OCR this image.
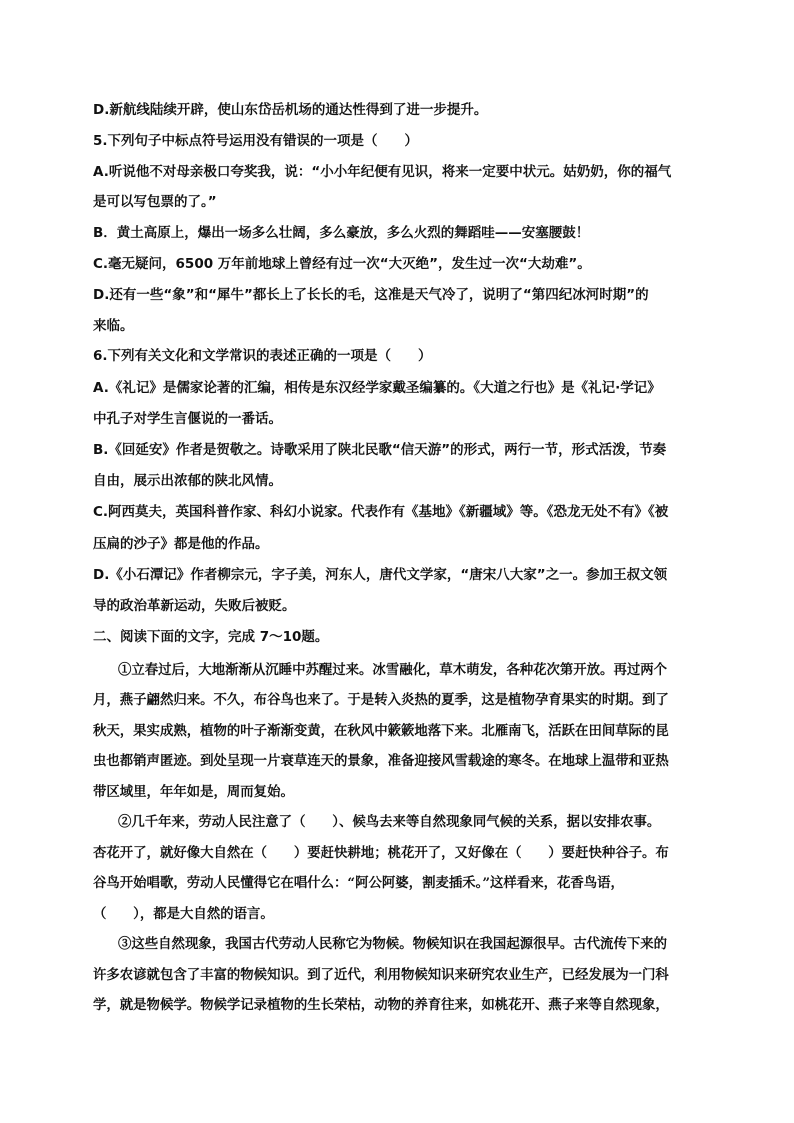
D.新航线陆续开辟，使山东岱岳机场的通达性得到了进一步提升。
5.下列句子中标点符号运用没有错误的一项是（　　）
A.听说他不对母亲极口夸奖我，说：“小小年纪便有见识，将来一定要中状元。姑奶奶，你的福气
是可以写包票的了。”
B．黄土高原上，爆出一场多么壮阔，多么豪放，多么火烈的舞蹈哇——安塞腰鼓！
C.毫无疑问，6500 万年前地球上曾经有过一次“大灭绝”，发生过一次“大劫难”。
D.还有一些“象”和“犀牛”都长上了长长的毛，这准是天气冷了，说明了“第四纪冰河时期”的
来临。
6.下列有关文化和文学常识的表述正确的一项是（　　）
A.《礼记》是儒家论著的汇编，相传是东汉经学家戴圣编纂的。《大道之行也》是《礼记·学记》
中孔子对学生言偃说的一番话。
B.《回延安》作者是贺敬之。诗歌采用了陕北民歌“信天游”的形式，两行一节，形式活泼，节奏
自由，展示出浓郁的陕北风情。
C.阿西莫夫，英国科普作家、科幻小说家。代表作有《基地》《新疆域》等。《恐龙无处不有》《被
压扁的沙子》都是他的作品。
D.《小石潭记》作者柳宗元，字子美，河东人，唐代文学家，“唐宋八大家”之一。参加王叔文领
导的政治革新运动，失败后被贬。
二、阅读下面的文字，完成 7～10题。
①立春过后，大地渐渐从沉睡中苏醒过来。冰雪融化，草木萌发，各种花次第开放。再过两个
月，燕子翩然归来。不久，布谷鸟也来了。于是转入炎热的夏季，这是植物孕育果实的时期。到了
秋天，果实成熟，植物的叶子渐渐变黄，在秋风中簌簌地落下来。北雁南飞，活跃在田间草际的昆
虫也都销声匿迹。到处呈现一片衰草连天的景象，准备迎接风雪载途的寒冬。在地球上温带和亚热
带区域里，年年如是，周而复始。
②几千年来，劳动人民注意了（　　）、候鸟去来等自然现象同气候的关系，据以安排农事。
杏花开了，就好像大自然在（　　）要赶快耕地；桃花开了，又好像在（　　）要赶快种谷子。布
谷鸟开始唱歌，劳动人民懂得它在唱什么：“阿公阿婆，割麦插禾。”这样看来，花香鸟语，
（　　），都是大自然的语言。
③这些自然现象，我国古代劳动人民称它为物候。物候知识在我国起源很早。古代流传下来的
许多农谚就包含了丰富的物候知识。到了近代，利用物候知识来研究农业生产，已经发展为一门科
学，就是物候学。物候学记录植物的生长荣枯，动物的养育往来，如桃花开、燕子来等自然现象，
